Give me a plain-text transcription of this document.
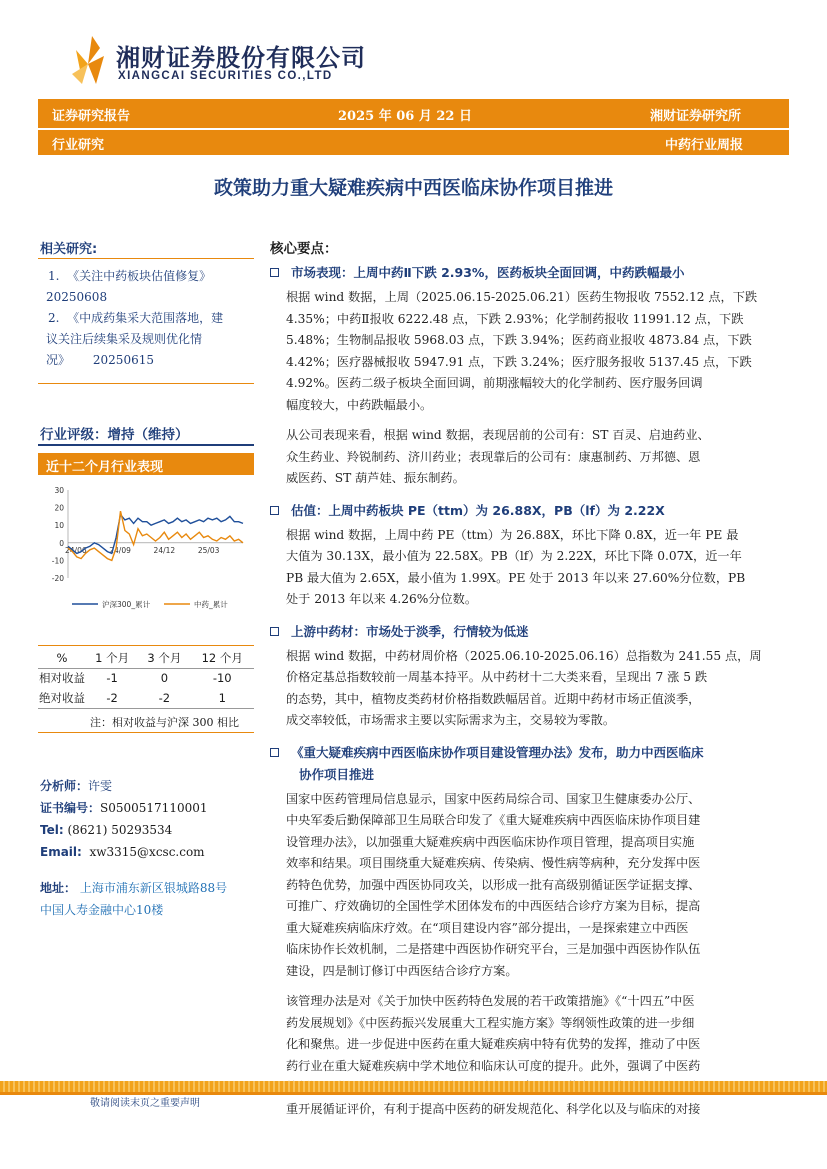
湘财证券股份有限公司
XIANGCAI SECURITIES CO.,LTD
证券研究报告	2025 年 06 月 22 日	湘财证券研究所
行业研究	中药行业周报
政策助力重大疑难疾病中西医临床协作项目推进
相关研究:
1. 《关注中药板块估值修复》
20250608
2. 《中成药集采大范围落地，建
议关注后续集采及规则优化情
况》 20250615
行业评级：增持（维持）
近十二个月行业表现
30
20
10
0
-10
-20
24/06	24/09	24/12	25/03
沪深300_累计	中药_累计
%	1 个月	3 个月	12 个月
相对收益	-1	0	-10
绝对收益	-2	-2	1
注：相对收益与沪深 300 相比
分析师：许雯
证书编号：S0500517110001
Tel: (8621) 50293534
Email: xw3315@xcsc.com
地址： 上海市浦东新区银城路88号
中国人寿金融中心10楼
核心要点：
市场表现：上周中药Ⅱ下跌 2.93%，医药板块全面回调，中药跌幅最小
根据 wind 数据，上周（2025.06.15-2025.06.21）医药生物报收 7552.12 点，下跌
4.35%；中药Ⅱ报收 6222.48 点，下跌 2.93%；化学制药报收 11991.12 点，下跌
5.48%；生物制品报收 5968.03 点，下跌 3.94%；医药商业报收 4873.84 点，下跌
4.42%；医疗器械报收 5947.91 点，下跌 3.24%；医疗服务报收 5137.45 点，下跌
4.92%。医药二级子板块全面回调，前期涨幅较大的化学制药、医疗服务回调
幅度较大，中药跌幅最小。
从公司表现来看，根据 wind 数据，表现居前的公司有：ST 百灵、启迪药业、
众生药业、羚锐制药、济川药业；表现靠后的公司有：康惠制药、万邦德、恩
威医药、ST 葫芦娃、振东制药。
估值：上周中药板块 PE（ttm）为 26.88X，PB（lf）为 2.22X
根据 wind 数据，上周中药 PE（ttm）为 26.88X，环比下降 0.8X，近一年 PE 最
大值为 30.13X，最小值为 22.58X。PB（lf）为 2.22X，环比下降 0.07X，近一年
PB 最大值为 2.65X，最小值为 1.99X。PE 处于 2013 年以来 27.60%分位数，PB
处于 2013 年以来 4.26%分位数。
上游中药材：市场处于淡季，行情较为低迷
根据 wind 数据，中药材周价格（2025.06.10-2025.06.16）总指数为 241.55 点，周
价格定基总指数较前一周基本持平。从中药材十二大类来看，呈现出 7 涨 5 跌
的态势，其中，植物皮类药材价格指数跌幅居首。近期中药材市场正值淡季，
成交率较低，市场需求主要以实际需求为主，交易较为零散。
《重大疑难疾病中西医临床协作项目建设管理办法》发布，助力中西医临床
协作项目推进
国家中医药管理局信息显示，国家中医药局综合司、国家卫生健康委办公厅、
中央军委后勤保障部卫生局联合印发了《重大疑难疾病中西医临床协作项目建
设管理办法》，以加强重大疑难疾病中西医临床协作项目管理，提高项目实施
效率和结果。项目围绕重大疑难疾病、传染病、慢性病等病种，充分发挥中医
药特色优势，加强中西医协同攻关，以形成一批有高级别循证医学证据支撑、
可推广、疗效确切的全国性学术团体发布的中西医结合诊疗方案为目标，提高
重大疑难疾病临床疗效。在“项目建设内容”部分提出，一是探索建立中西医
临床协作长效机制，二是搭建中西医协作研究平台，三是加强中西医协作队伍
建设，四是制订修订中西医结合诊疗方案。
该管理办法是对《关于加快中医药特色发展的若干政策措施》《“十四五”中医
药发展规划》《中医药振兴发展重大工程实施方案》等纲领性政策的进一步细
化和聚焦。进一步促进中医药在重大疑难疾病中特有优势的发挥，推动了中医
药行业在重大疑难疾病中学术地位和临床认可度的提升。此外，强调了中医药
重开展循证评价，有利于提高中医药的研发规范化、科学化以及与临床的对接
敬请阅读末页之重要声明
